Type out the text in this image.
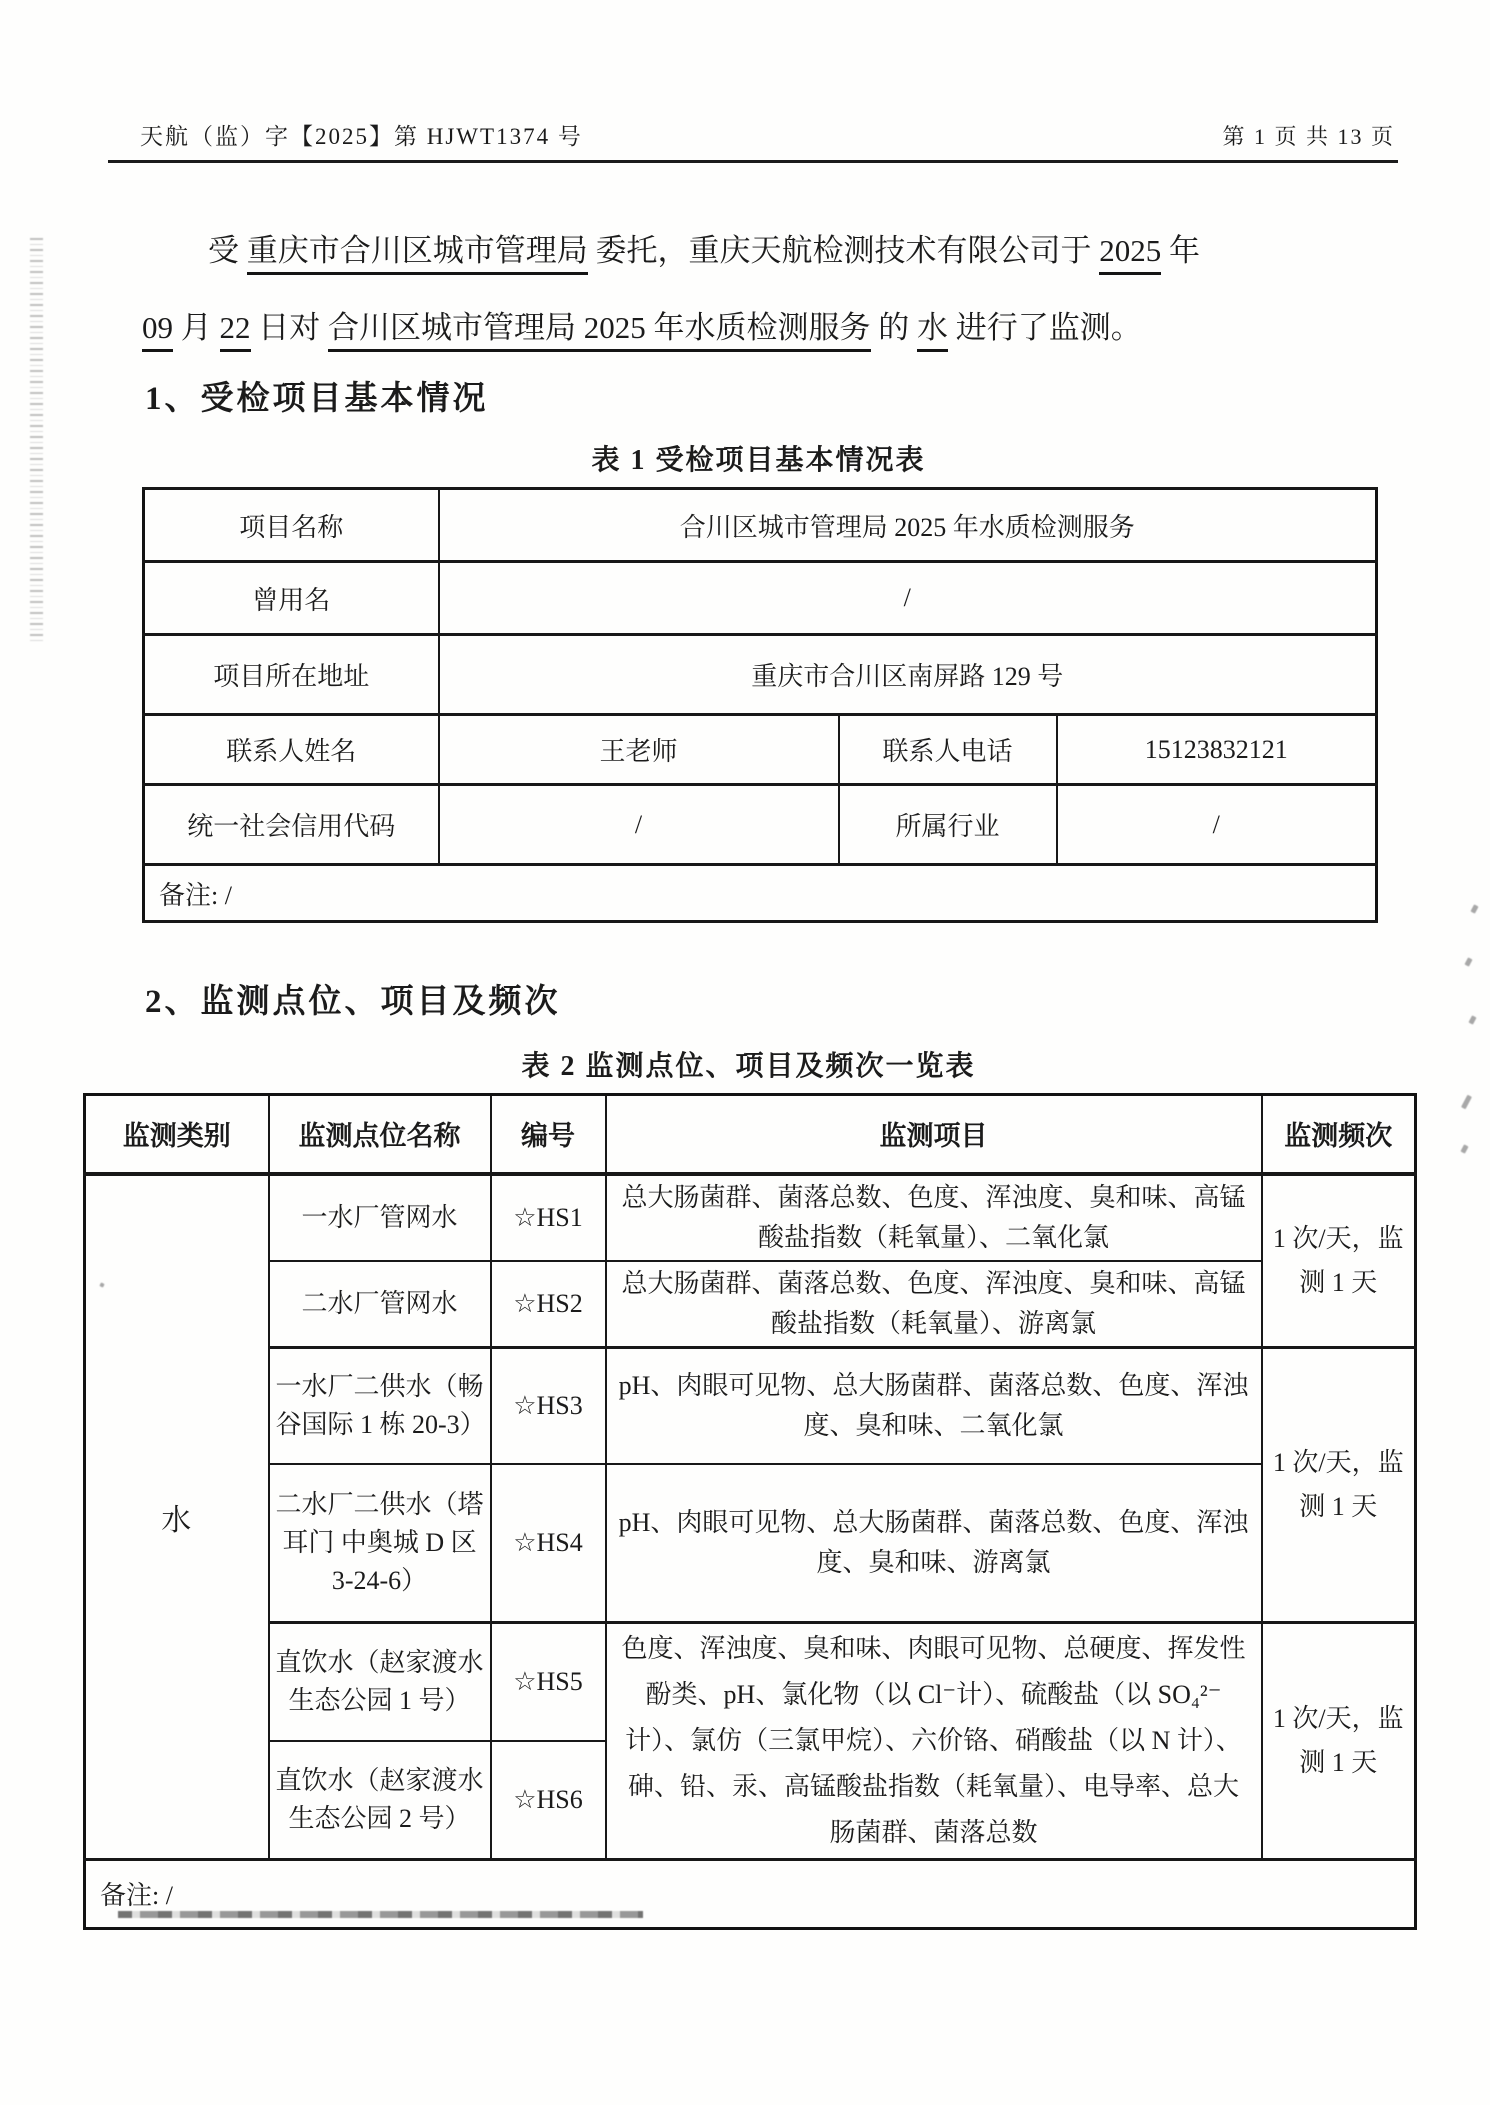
天航（监）字【2025】第 HJWT1374 号	第 1 页 共 13 页
受 重庆市合川区城市管理局 委托，重庆天航检测技术有限公司于 2025 年
09 月 22 日对 合川区城市管理局 2025 年水质检测服务 的 水 进行了监测。
1、受检项目基本情况
表 1 受检项目基本情况表
项目名称	合川区城市管理局 2025 年水质检测服务		
曾用名	/		
项目所在地址	重庆市合川区南屏路 129 号		
联系人姓名	王老师	联系人电话	15123832121
统一社会信用代码	/	所属行业	/
备注: /			
2、监测点位、项目及频次
表 2 监测点位、项目及频次一览表
监测类别	监测点位名称	编号	监测项目	监测频次
水	一水厂管网水	☆HS1	总大肠菌群、菌落总数、色度、浑浊度、臭和味、高锰酸盐指数（耗氧量）、二氧化氯	1 次/天，监测 1 天
	二水厂管网水	☆HS2	总大肠菌群、菌落总数、色度、浑浊度、臭和味、高锰酸盐指数（耗氧量）、游离氯	
	一水厂二供水（畅谷国际 1 栋 20-3）	☆HS3	pH、肉眼可见物、总大肠菌群、菌落总数、色度、浑浊度、臭和味、二氧化氯	1 次/天，监测 1 天
	二水厂二供水（塔耳门 中奥城 D 区 3-24-6）	☆HS4	pH、肉眼可见物、总大肠菌群、菌落总数、色度、浑浊度、臭和味、游离氯	
	直饮水（赵家渡水生态公园 1 号）	☆HS5	色度、浑浊度、臭和味、肉眼可见物、总硬度、挥发性酚类、pH、氯化物（以 Cl⁻计）、硫酸盐（以 SO₄²⁻计）、氯仿（三氯甲烷）、六价铬、硝酸盐（以 N 计）、砷、铅、汞、高锰酸盐指数（耗氧量）、电导率、总大肠菌群、菌落总数	1 次/天，监测 1 天
	直饮水（赵家渡水生态公园 2 号）	☆HS6		
备注: /				
